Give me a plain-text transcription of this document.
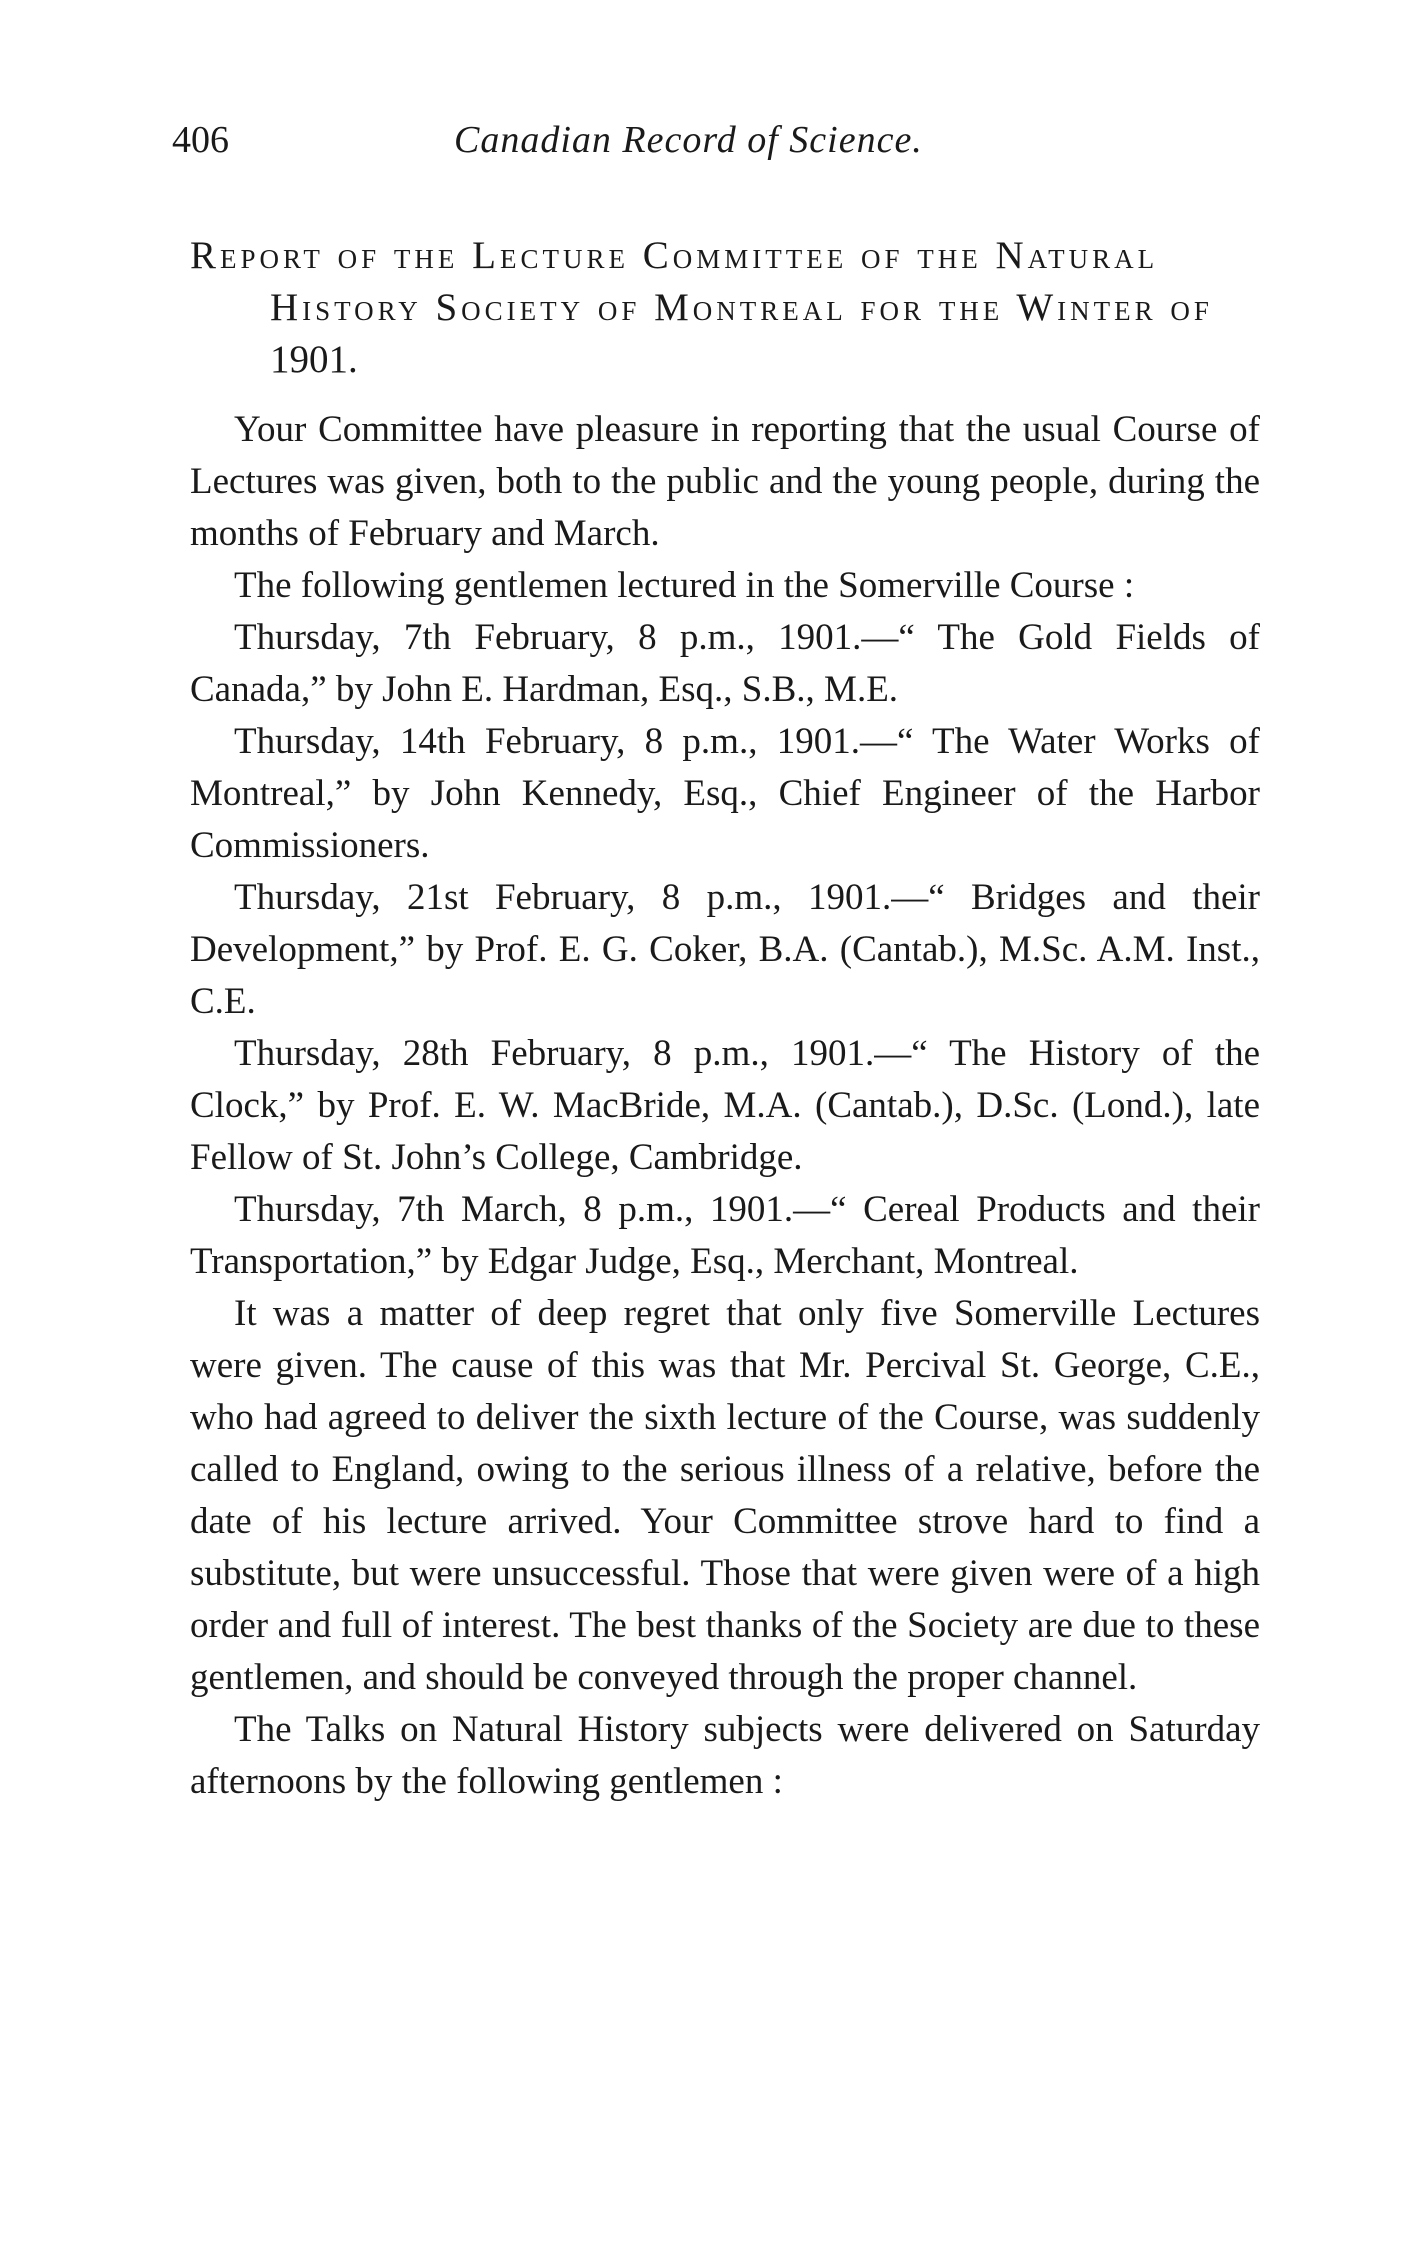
406	Canadian Record of Science.
Report of the Lecture Committee of the Natural History Society of Montreal for the Winter of 1901.

Your Committee have pleasure in reporting that the usual Course of Lectures was given, both to the public and the young people, during the months of February and March.

The following gentlemen lectured in the Somerville Course :

Thursday, 7th February, 8 p.m., 1901.—“ The Gold Fields of Canada,” by John E. Hardman, Esq., S.B., M.E.

Thursday, 14th February, 8 p.m., 1901.—“ The Water Works of Montreal,” by John Kennedy, Esq., Chief Engineer of the Harbor Commissioners.

Thursday, 21st February, 8 p.m., 1901.—“ Bridges and their Development,” by Prof. E. G. Coker, B.A. (Cantab.), M.Sc. A.M. Inst., C.E.

Thursday, 28th February, 8 p.m., 1901.—“ The History of the Clock,” by Prof. E. W. MacBride, M.A. (Cantab.), D.Sc. (Lond.), late Fellow of St. John’s College, Cambridge.

Thursday, 7th March, 8 p.m., 1901.—“ Cereal Products and their Transportation,” by Edgar Judge, Esq., Merchant, Montreal.

It was a matter of deep regret that only five Somerville Lectures were given. The cause of this was that Mr. Percival St. George, C.E., who had agreed to deliver the sixth lecture of the Course, was suddenly called to England, owing to the serious illness of a relative, before the date of his lecture arrived. Your Committee strove hard to find a substitute, but were unsuccessful. Those that were given were of a high order and full of interest. The best thanks of the Society are due to these gentlemen, and should be conveyed through the proper channel.

The Talks on Natural History subjects were delivered on Saturday afternoons by the following gentlemen :
